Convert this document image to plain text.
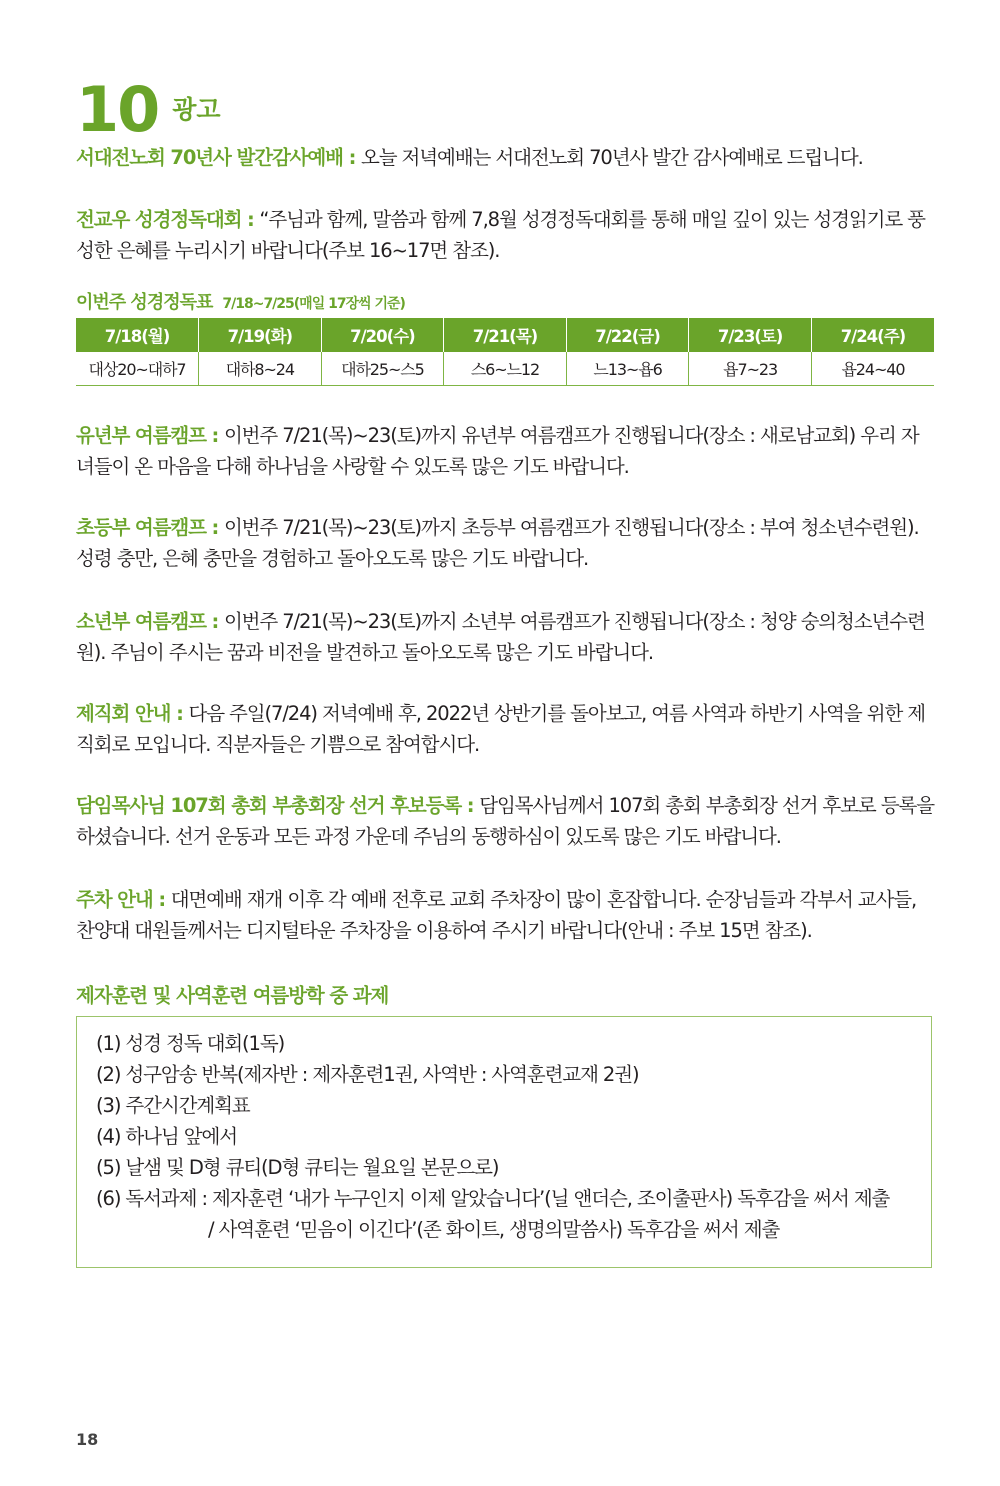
10 광고
서대전노회 70년사 발간감사예배 : 오늘 저녁예배는 서대전노회 70년사 발간 감사예배로 드립니다.
전교우 성경정독대회 : “주님과 함께, 말씀과 함께 7,8월 성경정독대회를 통해 매일 깊이 있는 성경읽기로 풍성한 은혜를 누리시기 바랍니다(주보 16~17면 참조).
이번주 성경정독표 7/18~7/25(매일 17장씩 기준)
7/18(월)	7/19(화)	7/20(수)	7/21(목)	7/22(금)	7/23(토)	7/24(주)
대상20~대하7	대하8~24	대하25~스5	스6~느12	느13~욥6	욥7~23	욥24~40
유년부 여름캠프 : 이번주 7/21(목)~23(토)까지 유년부 여름캠프가 진행됩니다(장소 : 새로남교회) 우리 자녀들이 온 마음을 다해 하나님을 사랑할 수 있도록 많은 기도 바랍니다.
초등부 여름캠프 : 이번주 7/21(목)~23(토)까지 초등부 여름캠프가 진행됩니다(장소 : 부여 청소년수련원). 성령 충만, 은혜 충만을 경험하고 돌아오도록 많은 기도 바랍니다.
소년부 여름캠프 : 이번주 7/21(목)~23(토)까지 소년부 여름캠프가 진행됩니다(장소 : 청양 숭의청소년수련원). 주님이 주시는 꿈과 비전을 발견하고 돌아오도록 많은 기도 바랍니다.
제직회 안내 : 다음 주일(7/24) 저녁예배 후, 2022년 상반기를 돌아보고, 여름 사역과 하반기 사역을 위한 제직회로 모입니다. 직분자들은 기쁨으로 참여합시다.
담임목사님 107회 총회 부총회장 선거 후보등록 : 담임목사님께서 107회 총회 부총회장 선거 후보로 등록을 하셨습니다. 선거 운동과 모든 과정 가운데 주님의 동행하심이 있도록 많은 기도 바랍니다.
주차 안내 : 대면예배 재개 이후 각 예배 전후로 교회 주차장이 많이 혼잡합니다. 순장님들과 각부서 교사들, 찬양대 대원들께서는 디지털타운 주차장을 이용하여 주시기 바랍니다(안내 : 주보 15면 참조).
제자훈련 및 사역훈련 여름방학 중 과제
(1) 성경 정독 대회(1독)
(2) 성구암송 반복(제자반 : 제자훈련1권, 사역반 : 사역훈련교재 2권)
(3) 주간시간계획표
(4) 하나님 앞에서
(5) 날샘 및 D형 큐티(D형 큐티는 월요일 본문으로)
(6) 독서과제 : 제자훈련 ‘내가 누구인지 이제 알았습니다’(닐 앤더슨, 조이출판사) 독후감을 써서 제출
/ 사역훈련 ‘믿음이 이긴다’(존 화이트, 생명의말씀사) 독후감을 써서 제출
18
